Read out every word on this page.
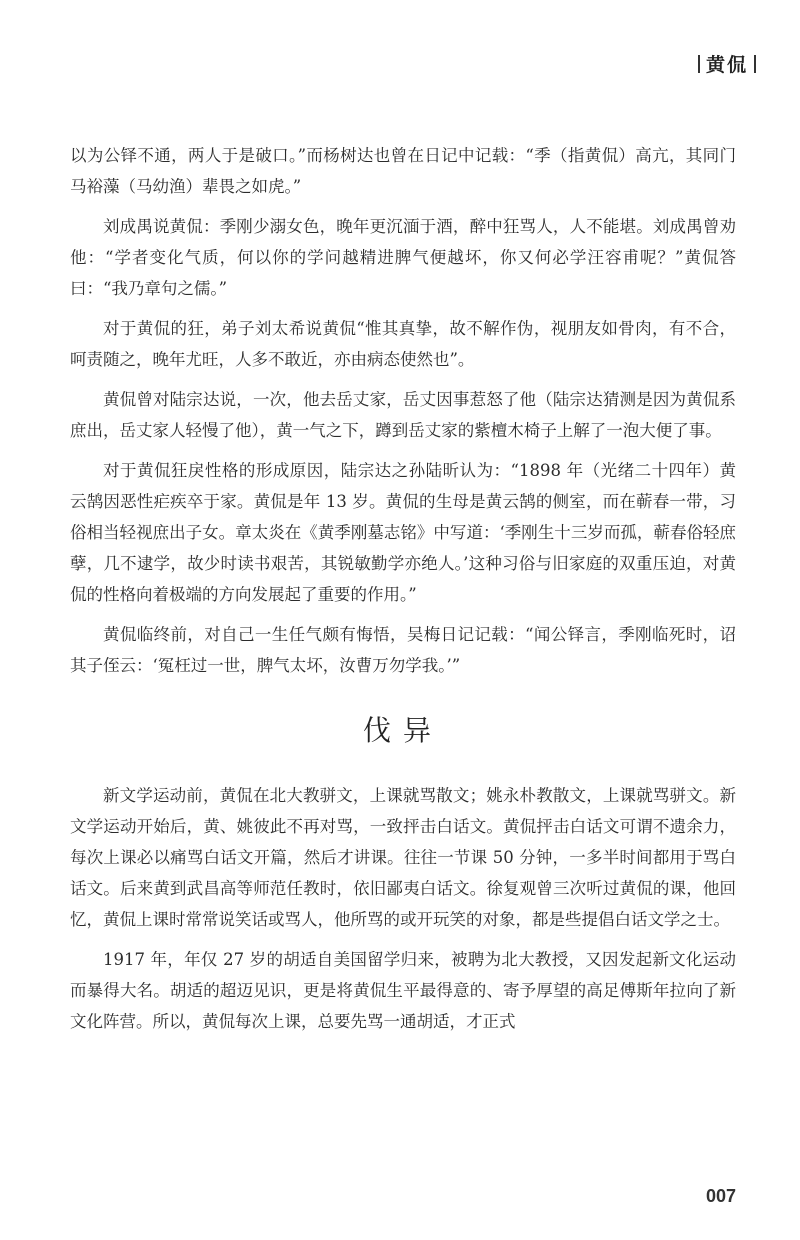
黄侃

以为公铎不通，两人于是破口。”而杨树达也曾在日记中记载：“季（指黄侃）高亢，其同门马裕藻（马幼渔）辈畏之如虎。”

刘成禺说黄侃：季刚少溺女色，晚年更沉湎于酒，醉中狂骂人，人不能堪。刘成禺曾劝他：“学者变化气质，何以你的学问越精进脾气便越坏，你又何必学汪容甫呢？”黄侃答曰：“我乃章句之儒。”

对于黄侃的狂，弟子刘太希说黄侃“惟其真挚，故不解作伪，视朋友如骨肉，有不合，呵责随之，晚年尤旺，人多不敢近，亦由病态使然也”。

黄侃曾对陆宗达说，一次，他去岳丈家，岳丈因事惹怒了他（陆宗达猜测是因为黄侃系庶出，岳丈家人轻慢了他），黄一气之下，蹲到岳丈家的紫檀木椅子上解了一泡大便了事。

对于黄侃狂戾性格的形成原因，陆宗达之孙陆昕认为：“1898 年（光绪二十四年）黄云鹄因恶性疟疾卒于家。黄侃是年 13 岁。黄侃的生母是黄云鹄的侧室，而在蕲春一带，习俗相当轻视庶出子女。章太炎在《黄季刚墓志铭》中写道：‘季刚生十三岁而孤，蕲春俗轻庶孽，几不逮学，故少时读书艰苦，其锐敏勤学亦绝人。’这种习俗与旧家庭的双重压迫，对黄侃的性格向着极端的方向发展起了重要的作用。”

黄侃临终前，对自己一生任气颇有悔悟，吴梅日记记载：“闻公铎言，季刚临死时，诏其子侄云：‘冤枉过一世，脾气太坏，汝曹万勿学我。’”

伐异

新文学运动前，黄侃在北大教骈文，上课就骂散文；姚永朴教散文，上课就骂骈文。新文学运动开始后，黄、姚彼此不再对骂，一致抨击白话文。黄侃抨击白话文可谓不遗余力，每次上课必以痛骂白话文开篇，然后才讲课。往往一节课 50 分钟，一多半时间都用于骂白话文。后来黄到武昌高等师范任教时，依旧鄙夷白话文。徐复观曾三次听过黄侃的课，他回忆，黄侃上课时常常说笑话或骂人，他所骂的或开玩笑的对象，都是些提倡白话文学之士。

1917 年，年仅 27 岁的胡适自美国留学归来，被聘为北大教授，又因发起新文化运动而暴得大名。胡适的超迈见识，更是将黄侃生平最得意的、寄予厚望的高足傅斯年拉向了新文化阵营。所以，黄侃每次上课，总要先骂一通胡适，才正式

007
